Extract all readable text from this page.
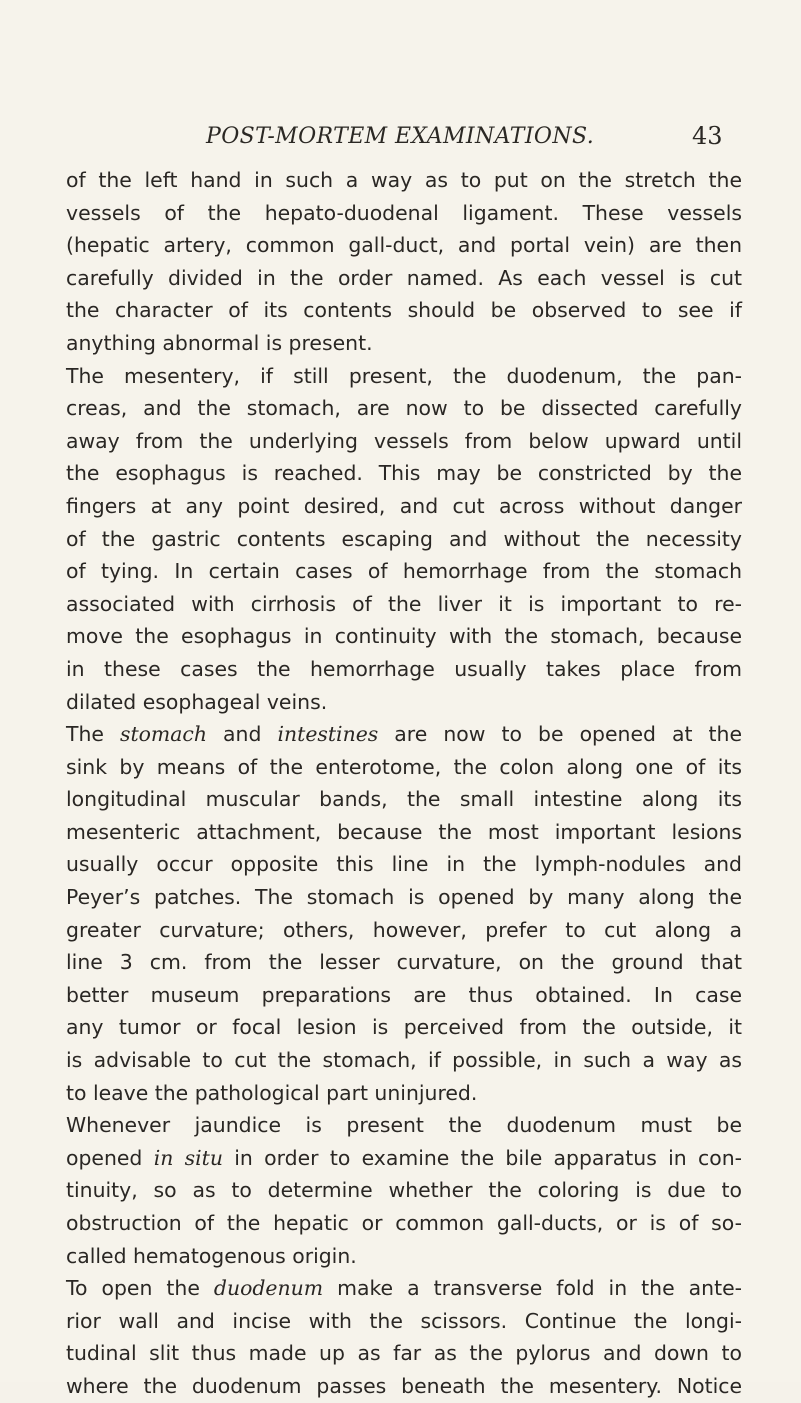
POST-MORTEM EXAMINATIONS.	43
of the left hand in such a way as to put on the stretch the
vessels of the hepato-duodenal ligament. These vessels
(hepatic artery, common gall-duct, and portal vein) are then
carefully divided in the order named. As each vessel is cut
the character of its contents should be observed to see if
anything abnormal is present.
The mesentery, if still present, the duodenum, the pan-
creas, and the stomach, are now to be dissected carefully
away from the underlying vessels from below upward until
the esophagus is reached. This may be constricted by the
fingers at any point desired, and cut across without danger
of the gastric contents escaping and without the necessity
of tying. In certain cases of hemorrhage from the stomach
associated with cirrhosis of the liver it is important to re-
move the esophagus in continuity with the stomach, because
in these cases the hemorrhage usually takes place from
dilated esophageal veins.
The stomach and intestines are now to be opened at the
sink by means of the enterotome, the colon along one of its
longitudinal muscular bands, the small intestine along its
mesenteric attachment, because the most important lesions
usually occur opposite this line in the lymph-nodules and
Peyer’s patches. The stomach is opened by many along the
greater curvature; others, however, prefer to cut along a
line 3 cm. from the lesser curvature, on the ground that
better museum preparations are thus obtained. In case
any tumor or focal lesion is perceived from the outside, it
is advisable to cut the stomach, if possible, in such a way as
to leave the pathological part uninjured.
Whenever jaundice is present the duodenum must be
opened in situ in order to examine the bile apparatus in con-
tinuity, so as to determine whether the coloring is due to
obstruction of the hepatic or common gall-ducts, or is of so-
called hematogenous origin.
To open the duodenum make a transverse fold in the ante-
rior wall and incise with the scissors. Continue the longi-
tudinal slit thus made up as far as the pylorus and down to
where the duodenum passes beneath the mesentery. Notice
